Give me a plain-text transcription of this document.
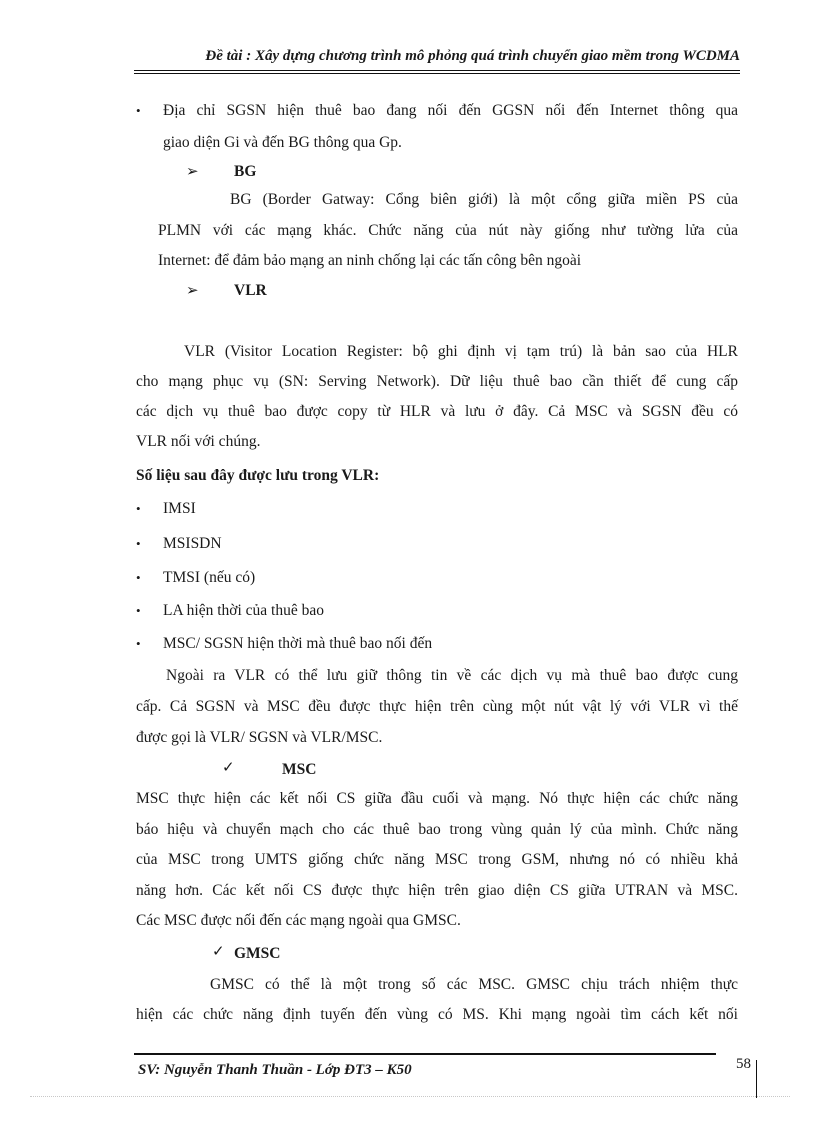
Đề tài : Xây dựng chương trình mô phỏng quá trình chuyển giao mềm trong WCDMA
• Địa chỉ SGSN hiện thuê bao đang nối đến GGSN nối đến Internet thông qua
giao diện Gi và đến BG thông qua Gp.
➢ BG
BG (Border Gatway: Cổng biên giới) là một cổng giữa miền PS của
PLMN với các mạng khác. Chức năng của nút này giống như tường lửa của
Internet: để đảm bảo mạng an ninh chống lại các tấn công bên ngoài
➢ VLR
VLR (Visitor Location Register: bộ ghi định vị tạm trú) là bản sao của HLR
cho mạng phục vụ (SN: Serving Network). Dữ liệu thuê bao cần thiết để cung cấp
các dịch vụ thuê bao được copy từ HLR và lưu ở đây. Cả MSC và SGSN đều có
VLR nối với chúng.
Số liệu sau đây được lưu trong VLR:
• IMSI
• MSISDN
• TMSI (nếu có)
• LA hiện thời của thuê bao
• MSC/ SGSN hiện thời mà thuê bao nối đến
Ngoài ra VLR có thể lưu giữ thông tin về các dịch vụ mà thuê bao được cung
cấp. Cả SGSN và MSC đều được thực hiện trên cùng một nút vật lý với VLR vì thế
được gọi là VLR/ SGSN và VLR/MSC.
✓	MSC
MSC thực hiện các kết nối CS giữa đầu cuối và mạng. Nó thực hiện các chức năng
báo hiệu và chuyển mạch cho các thuê bao trong vùng quản lý của mình. Chức năng
của MSC trong UMTS giống chức năng MSC trong GSM, nhưng nó có nhiều khả
năng hơn. Các kết nối CS được thực hiện trên giao diện CS giữa UTRAN và MSC.
Các MSC được nối đến các mạng ngoài qua GMSC.
✓ GMSC
GMSC có thể là một trong số các MSC. GMSC chịu trách nhiệm thực
hiện các chức năng định tuyến đến vùng có MS. Khi mạng ngoài tìm cách kết nối
SV: Nguyễn Thanh Thuần - Lớp ĐT3 – K50	58
